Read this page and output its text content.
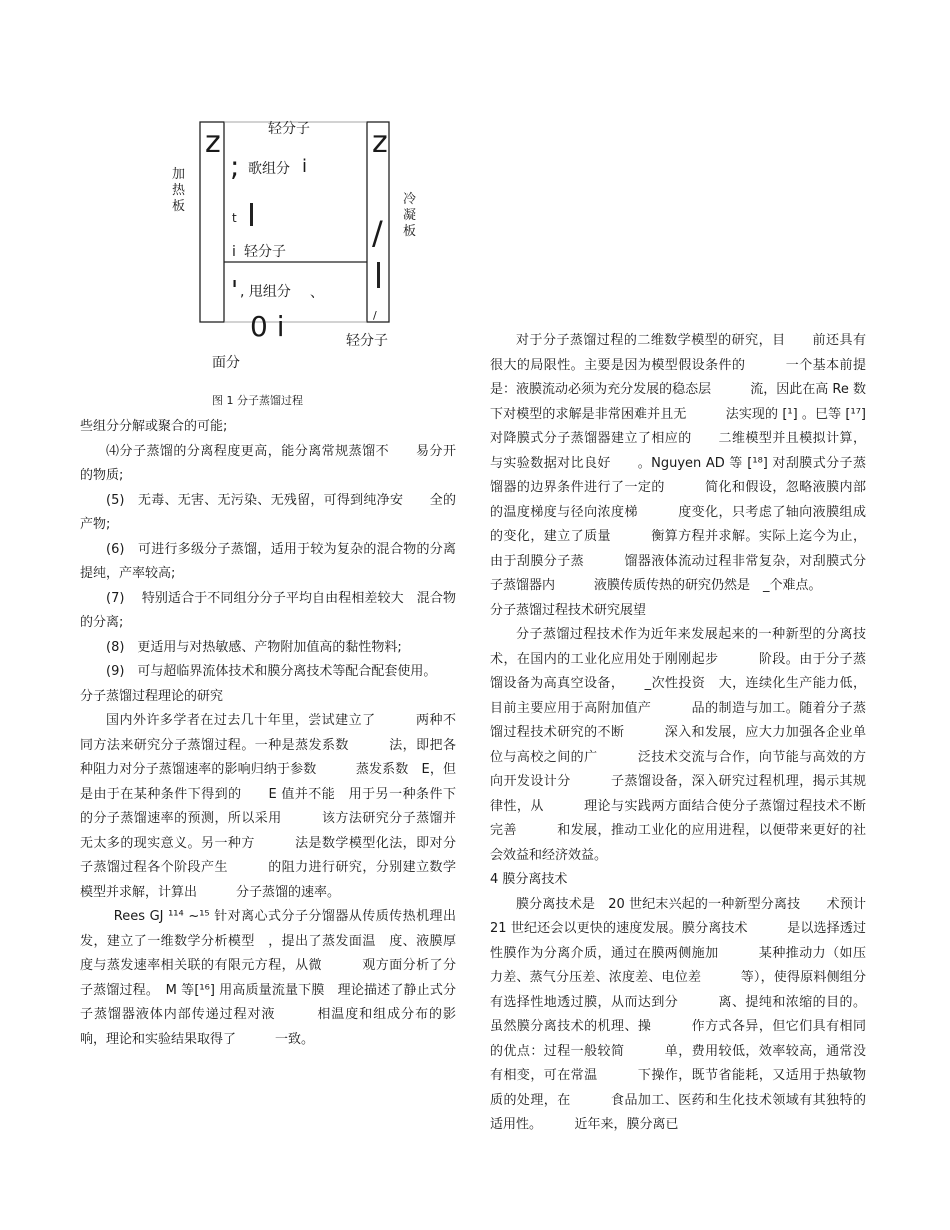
轻分子
z	z
; 歌组分 i
t
i 轻分子
' , 甩组分 、
0 i
/
/
轻分子
面分
加热板	冷凝板
图 1 分子蒸馏过程

些组分分解或聚合的可能;

⑷分子蒸馏的分离程度更高，能分离常规蒸馏不　　易分开的物质;

(5)　无毒、无害、无污染、无残留，可得到纯净安　　全的产物;

(6)　可进行多级分子蒸馏，适用于较为复杂的混合物的分离提纯，产率较高;

(7)　 特别适合于不同组分分子平均自由程相差较大　混合物的分离;

(8)　更适用与对热敏感、产物附加值高的黏性物料;

(9)　可与超临界流体技术和膜分离技术等配合配套使用。

分子蒸馏过程理论的研究

国内外许多学者在过去几十年里，尝试建立了　　　两种不同方法来研究分子蒸馏过程。一种是蒸发系数　　　法，即把各种阻力对分子蒸馏速率的影响归纳于参数　　　蒸发系数　E，但是由于在某种条件下得到的　　E 值并不能　用于另一种条件下的分子蒸馏速率的预测，所以采用　　　该方法研究分子蒸馏并无太多的现实意义。另一种方　　　法是数学模型化法，即对分子蒸馏过程各个阶段产生　　　的阻力进行研究，分别建立数学模型并求解，计算出　　　分子蒸馏的速率。

Rees GJ ¹¹⁴ ~¹⁵ 针对离心式分子分馏器从传质传热机理出发，建立了一维数学分析模型　，提出了蒸发面温　度、液膜厚度与蒸发速率相关联的有限元方程，从微　　　观方面分析了分子蒸馏过程。　M 等[¹⁶] 用高质量流量下膜　理论描述了静止式分子蒸馏器液体内部传递过程对液　　　相温度和组成分布的影响，理论和实验结果取得了　　　一致。

对于分子蒸馏过程的二维数学模型的研究，目　　前还具有很大的局限性。主要是因为模型假设条件的　　　一个基本前提是：液膜流动必须为充分发展的稳态层　　　流，因此在高 Re 数下对模型的求解是非常困难并且无　　　法实现的 [¹] 。巳等 [¹⁷] 对降膜式分子蒸馏器建立了相应的　　二维模型并且模拟计算，与实验数据对比良好　　。Nguyen AD 等 [¹⁸] 对刮膜式分子蒸馏器的边界条件进行了一定的　　　简化和假设，忽略液膜内部的温度梯度与径向浓度梯　　　度变化，只考虑了轴向液膜组成的变化，建立了质量　　　衡算方程并求解。实际上迄今为止，由于刮膜分子蒸　　　馏器液体流动过程非常复杂，对刮膜式分子蒸馏器内　　　液膜传质传热的研究仍然是　_个难点。

分子蒸馏过程技术研究展望

分子蒸馏过程技术作为近年来发展起来的一种新型的分离技术，在国内的工业化应用处于刚刚起步　　　阶段。由于分子蒸馏设备为高真空设备，　　_次性投资　大，连续化生产能力低，目前主要应用于高附加值产　　　品的制造与加工。随着分子蒸馏过程技术研究的不断　　　深入和发展，应大力加强各企业单位与高校之间的广　　　泛技术交流与合作，向节能与高效的方向开发设计分　　　子蒸馏设备，深入研究过程机理，揭示其规律性，从　　　理论与实践两方面结合使分子蒸馏过程技术不断完善　　　和发展，推动工业化的应用进程，以便带来更好的社　　　会效益和经济效益。

4 膜分离技术

膜分离技术是　20 世纪末兴起的一种新型分离技　　术预计 21 世纪还会以更快的速度发展。膜分离技术　　　是以选择透过性膜作为分离介质，通过在膜两侧施加　　　某种推动力（如压力差、蒸气分压差、浓度差、电位差　　　等），使得原料侧组分有选择性地透过膜，从而达到分　　　离、提纯和浓缩的目的。虽然膜分离技术的机理、操　　　作方式各异，但它们具有相同的优点：过程一般较简　　　单，费用较低，效率较高，通常没有相变，可在常温　　　下操作，既节省能耗，又适用于热敏物质的处理，在　　　食品加工、医药和生化技术领域有其独特的适用性。　　　近年来，膜分离已
